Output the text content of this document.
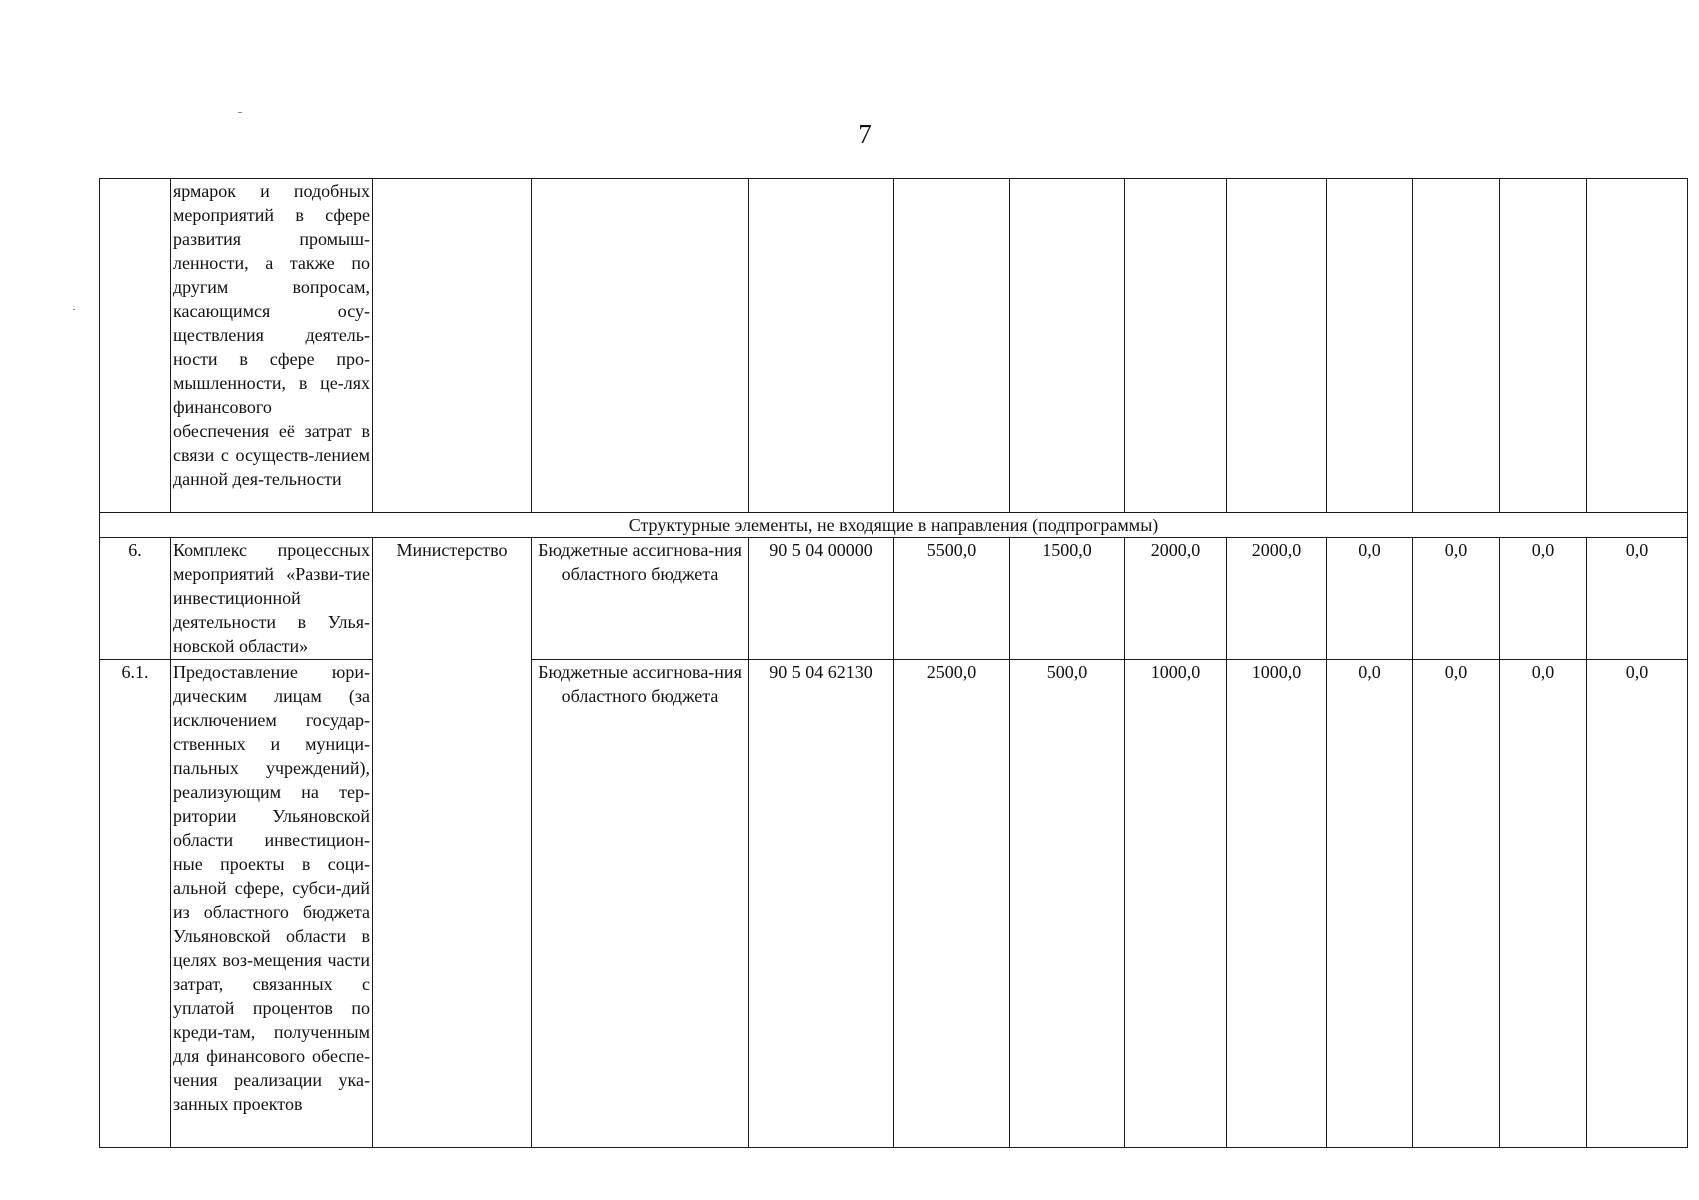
7
ˉ
·
	ярмарок и подобных мероприятий в сфере развития промыш-ленности, а также по другим вопросам, касающимся осу-ществления деятель-ности в сфере про-мышленности, в це-лях финансового обеспечения её затрат в связи с осуществ-лением данной дея-тельности											
Структурные элементы, не входящие в направления (подпрограммы)												
6.	Комплекс процессных мероприятий «Разви-тие инвестиционной деятельности в Улья-новской области»	Министерство	Бюджетные ассигнова-ния областного бюджета	90 5 04 00000	5500,0	1500,0	2000,0	2000,0	0,0	0,0	0,0	0,0
6.1.	Предоставление юри-дическим лицам (за исключением государ-ственных и муници-пальных учреждений), реализующим на тер-ритории Ульяновской области инвестицион-ные проекты в соци-альной сфере, субси-дий из областного бюджета Ульяновской области в целях воз-мещения части затрат, связанных с уплатой процентов по креди-там, полученным для финансового обеспе-чения реализации ука-занных проектов		Бюджетные ассигнова-ния областного бюджета	90 5 04 62130	2500,0	500,0	1000,0	1000,0	0,0	0,0	0,0	0,0
